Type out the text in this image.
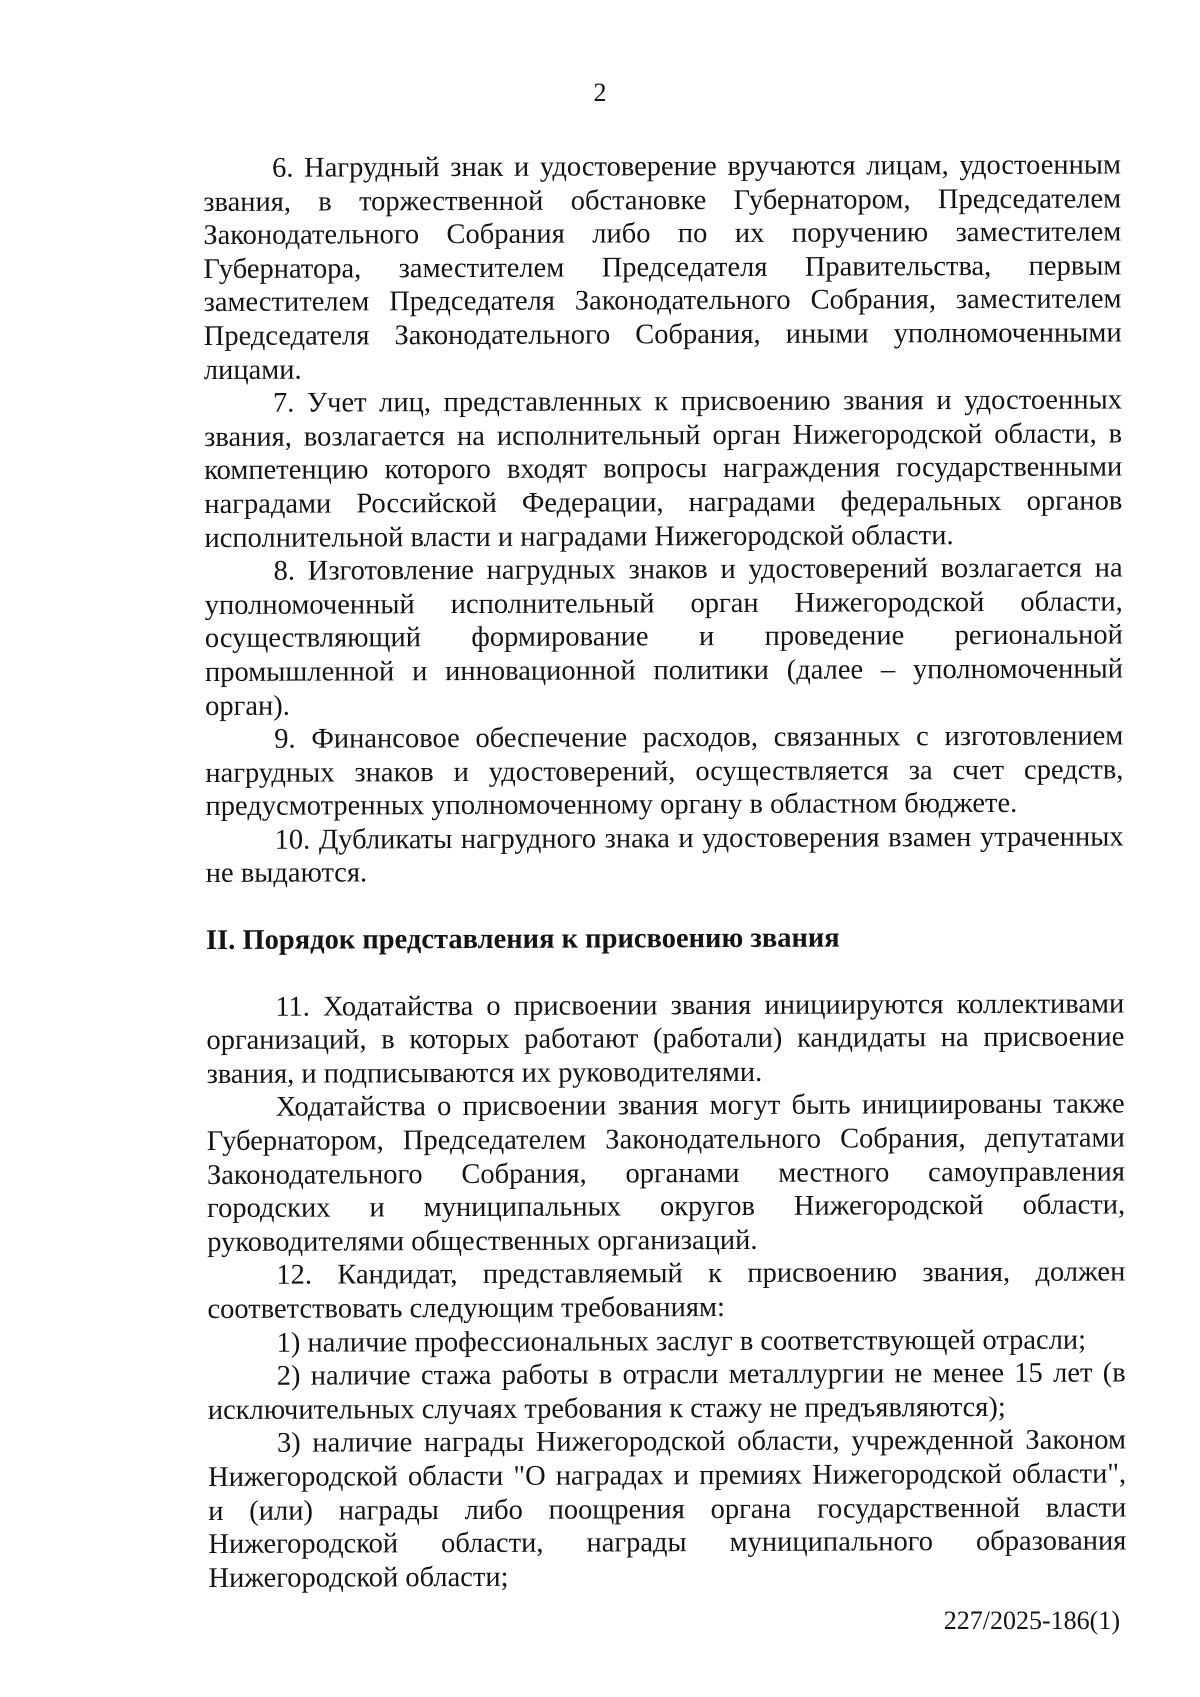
2

6. Нагрудный знак и удостоверение вручаются лицам, удостоенным звания, в торжественной обстановке Губернатором, Председателем Законодательного Собрания либо по их поручению заместителем Губернатора, заместителем Председателя Правительства, первым заместителем Председателя Законодательного Собрания, заместителем Председателя Законодательного Собрания, иными уполномоченными лицами.

7. Учет лиц, представленных к присвоению звания и удостоенных звания, возлагается на исполнительный орган Нижегородской области, в компетенцию которого входят вопросы награждения государственными наградами Российской Федерации, наградами федеральных органов исполнительной власти и наградами Нижегородской области.

8. Изготовление нагрудных знаков и удостоверений возлагается на уполномоченный исполнительный орган Нижегородской области, осуществляющий формирование и проведение региональной промышленной и инновационной политики (далее – уполномоченный орган).

9. Финансовое обеспечение расходов, связанных с изготовлением нагрудных знаков и удостоверений, осуществляется за счет средств, предусмотренных уполномоченному органу в областном бюджете.

10. Дубликаты нагрудного знака и удостоверения взамен утраченных не выдаются.

II. Порядок представления к присвоению звания

11. Ходатайства о присвоении звания инициируются коллективами организаций, в которых работают (работали) кандидаты на присвоение звания, и подписываются их руководителями.

Ходатайства о присвоении звания могут быть инициированы также Губернатором, Председателем Законодательного Собрания, депутатами Законодательного Собрания, органами местного самоуправления городских и муниципальных округов Нижегородской области, руководителями общественных организаций.

12. Кандидат, представляемый к присвоению звания, должен соответствовать следующим требованиям:

1) наличие профессиональных заслуг в соответствующей отрасли;

2) наличие стажа работы в отрасли металлургии не менее 15 лет (в исключительных случаях требования к стажу не предъявляются);

3) наличие награды Нижегородской области, учрежденной Законом Нижегородской области "О наградах и премиях Нижегородской области", и (или) награды либо поощрения органа государственной власти Нижегородской области, награды муниципального образования Нижегородской области;

227/2025-186(1)
